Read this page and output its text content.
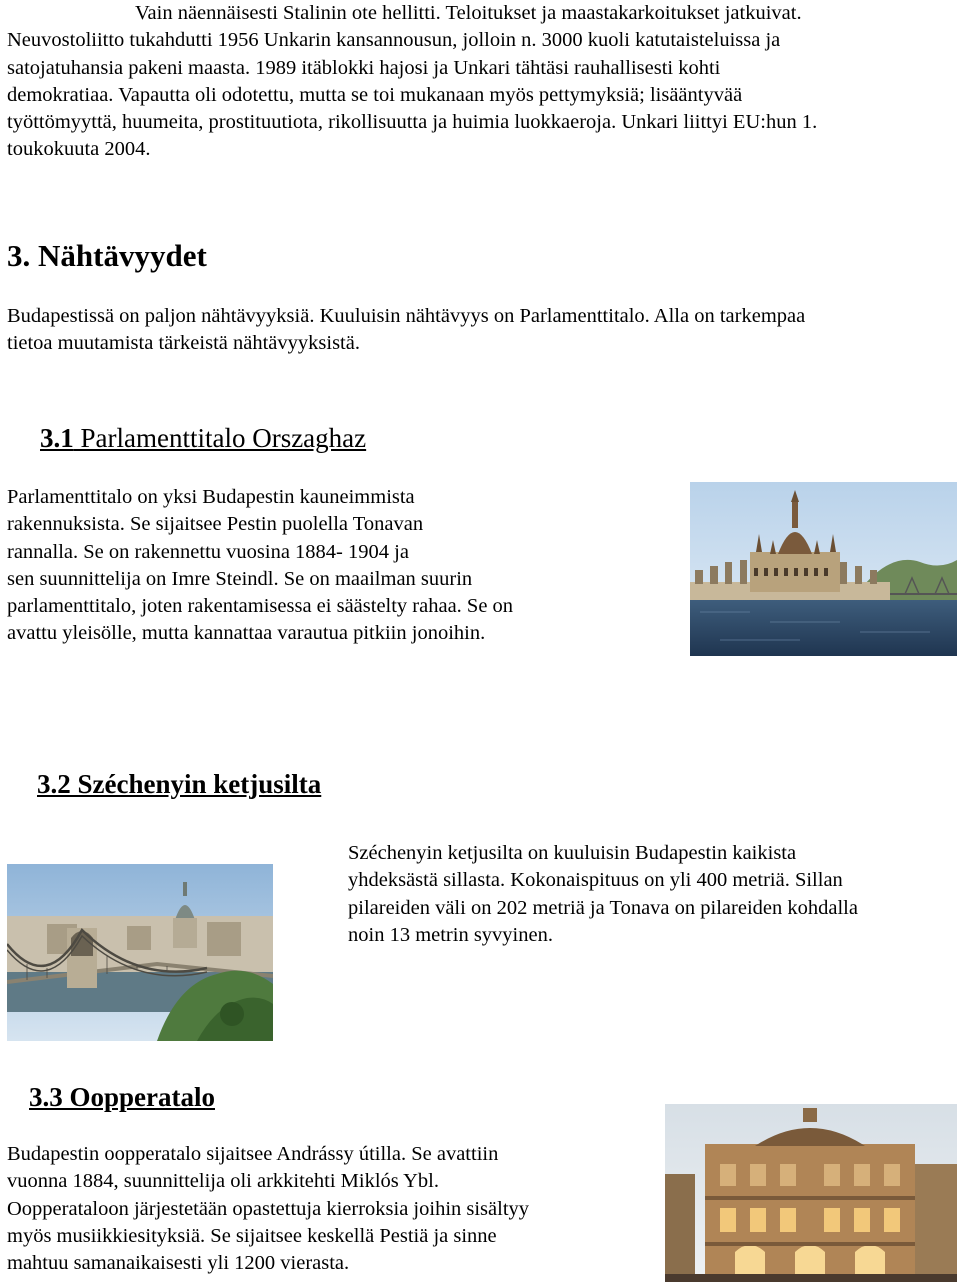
Vain näennäisesti Stalinin ote hellitti. Teloitukset ja maastakarkoitukset jatkuivat.
Neuvostoliitto tukahdutti 1956 Unkarin kansannousun, jolloin n. 3000 kuoli katutaisteluissa ja
satojatuhansia pakeni maasta. 1989 itäblokki hajosi ja Unkari tähtäsi rauhallisesti kohti
demokratiaa. Vapautta oli odotettu, mutta se toi mukanaan myös pettymyksiä; lisääntyvää
työttömyyttä, huumeita, prostituutiota, rikollisuutta ja huimia luokkaeroja. Unkari liittyi EU:hun 1.
toukokuuta 2004.
3. Nähtävyydet
Budapestissä on paljon nähtävyyksiä. Kuuluisin nähtävyys on Parlamenttitalo. Alla on tarkempaa
tietoa muutamista tärkeistä nähtävyyksistä.
3.1 Parlamenttitalo Orszaghaz
Parlamenttitalo on yksi Budapestin kauneimmista
rakennuksista. Se sijaitsee Pestin puolella Tonavan
rannalla. Se on rakennettu vuosina 1884- 1904 ja
sen suunnittelija on Imre Steindl. Se on maailman suurin
parlamenttitalo, joten rakentamisessa ei säästelty rahaa. Se on
avattu yleisölle, mutta kannattaa varautua pitkiin jonoihin.
3.2 Széchenyin ketjusilta
Széchenyin ketjusilta on kuuluisin Budapestin kaikista
yhdeksästä sillasta. Kokonaispituus on yli 400 metriä. Sillan
pilareiden väli on 202 metriä ja Tonava on pilareiden kohdalla
noin 13 metrin syvyinen.
3.3 Oopperatalo
Budapestin oopperatalo sijaitsee Andrássy útilla. Se avattiin
vuonna 1884, suunnittelija oli arkkitehti Miklós Ybl.
Oopperataloon järjestetään opastettuja kierroksia joihin sisältyy
myös musiikkiesityksiä. Se sijaitsee keskellä Pestiä ja sinne
mahtuu samanaikaisesti yli 1200 vierasta.
